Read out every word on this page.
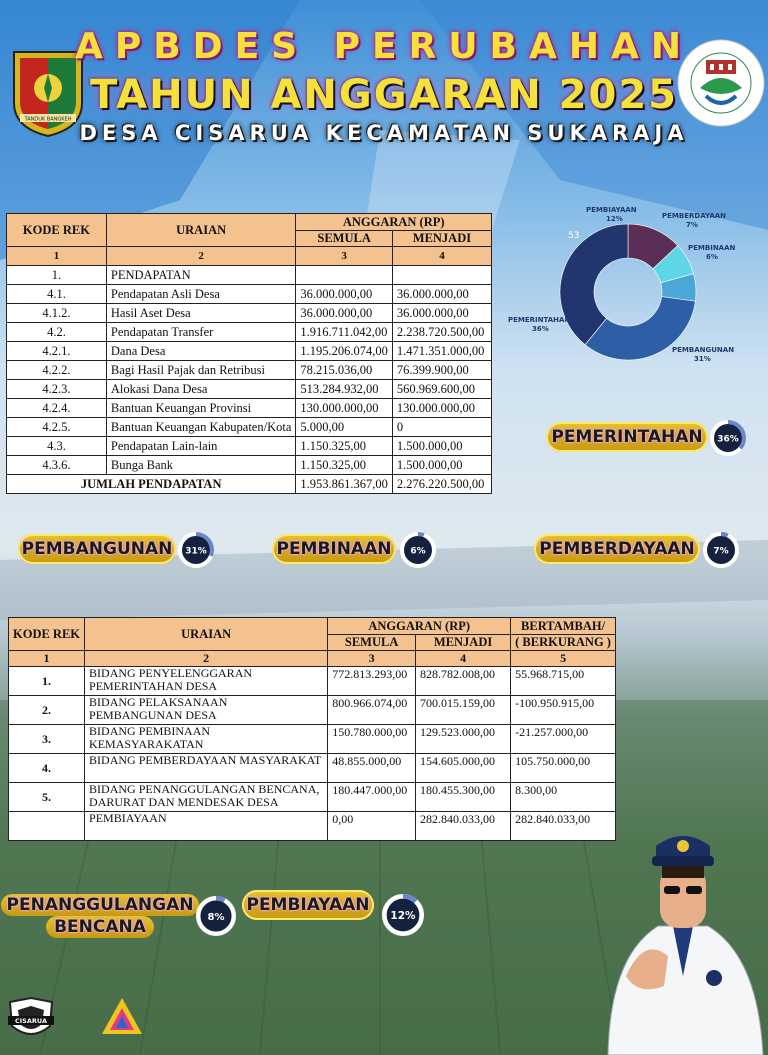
TANDUK BANGKEH
APBDES PERUBAHAN
TAHUN ANGGARAN 2025
DESA CISARUA KECAMATAN SUKARAJA
KODE REK	URAIAN	ANGGARAN (RP)	
		SEMULA	MENJADI
1	2	3	4
1.	PENDAPATAN		
4.1.	Pendapatan Asli Desa	36.000.000,00	36.000.000,00
4.1.2.	Hasil Aset Desa	36.000.000,00	36.000.000,00
4.2.	Pendapatan Transfer	1.916.711.042,00	2.238.720.500,00
4.2.1.	Dana Desa	1.195.206.074,00	1.471.351.000,00
4.2.2.	Bagi Hasil Pajak dan Retribusi	78.215.036,00	76.399.900,00
4.2.3.	Alokasi Dana Desa	513.284.932,00	560.969.600,00
4.2.4.	Bantuan Keuangan Provinsi	130.000.000,00	130.000.000,00
4.2.5.	Bantuan Keuangan Kabupaten/Kota	5.000,00	0
4.3.	Pendapatan Lain-lain	1.150.325,00	1.500.000,00
4.3.6.	Bunga Bank	1.150.325,00	1.500.000,00
JUMLAH PENDAPATAN		1.953.861.367,00	2.276.220.500,00
PEMBIAYAAN 12%	PEMBERDAYAAN 7%
PEMBINAAN 6%
PEMBANGUNAN 31%
PEMERINTAHAN 36%
53
KODE REK	URAIAN	ANGGARAN (RP)		BERTAMBAH/
		SEMULA	MENJADI	( BERKURANG )
1	2	3	4	5
1.	BIDANG PENYELENGGARAN PEMERINTAHAN DESA	772.813.293,00	828.782.008,00	55.968.715,00
2.	BIDANG PELAKSANAAN PEMBANGUNAN DESA	800.966.074,00	700.015.159,00	-100.950.915,00
3.	BIDANG PEMBINAAN KEMASYARAKATAN	150.780.000,00	129.523.000,00	-21.257.000,00
4.	BIDANG PEMBERDAYAAN MASYARAKAT	48.855.000,00	154.605.000,00	105.750.000,00
5.	BIDANG PENANGGULANGAN BENCANA, DARURAT DAN MENDESAK DESA	180.447.000,00	180.455.300,00	8.300,00
	PEMBIAYAAN	0,00	282.840.033,00	282.840.033,00
PEMERINTAHAN 36%
PEMBANGUNAN 31%	PEMBINAAN 6%	PEMBERDAYAAN 7%
PENANGGULANGAN
BENCANA	8%
PEMBIAYAAN
12%
CISARUA
